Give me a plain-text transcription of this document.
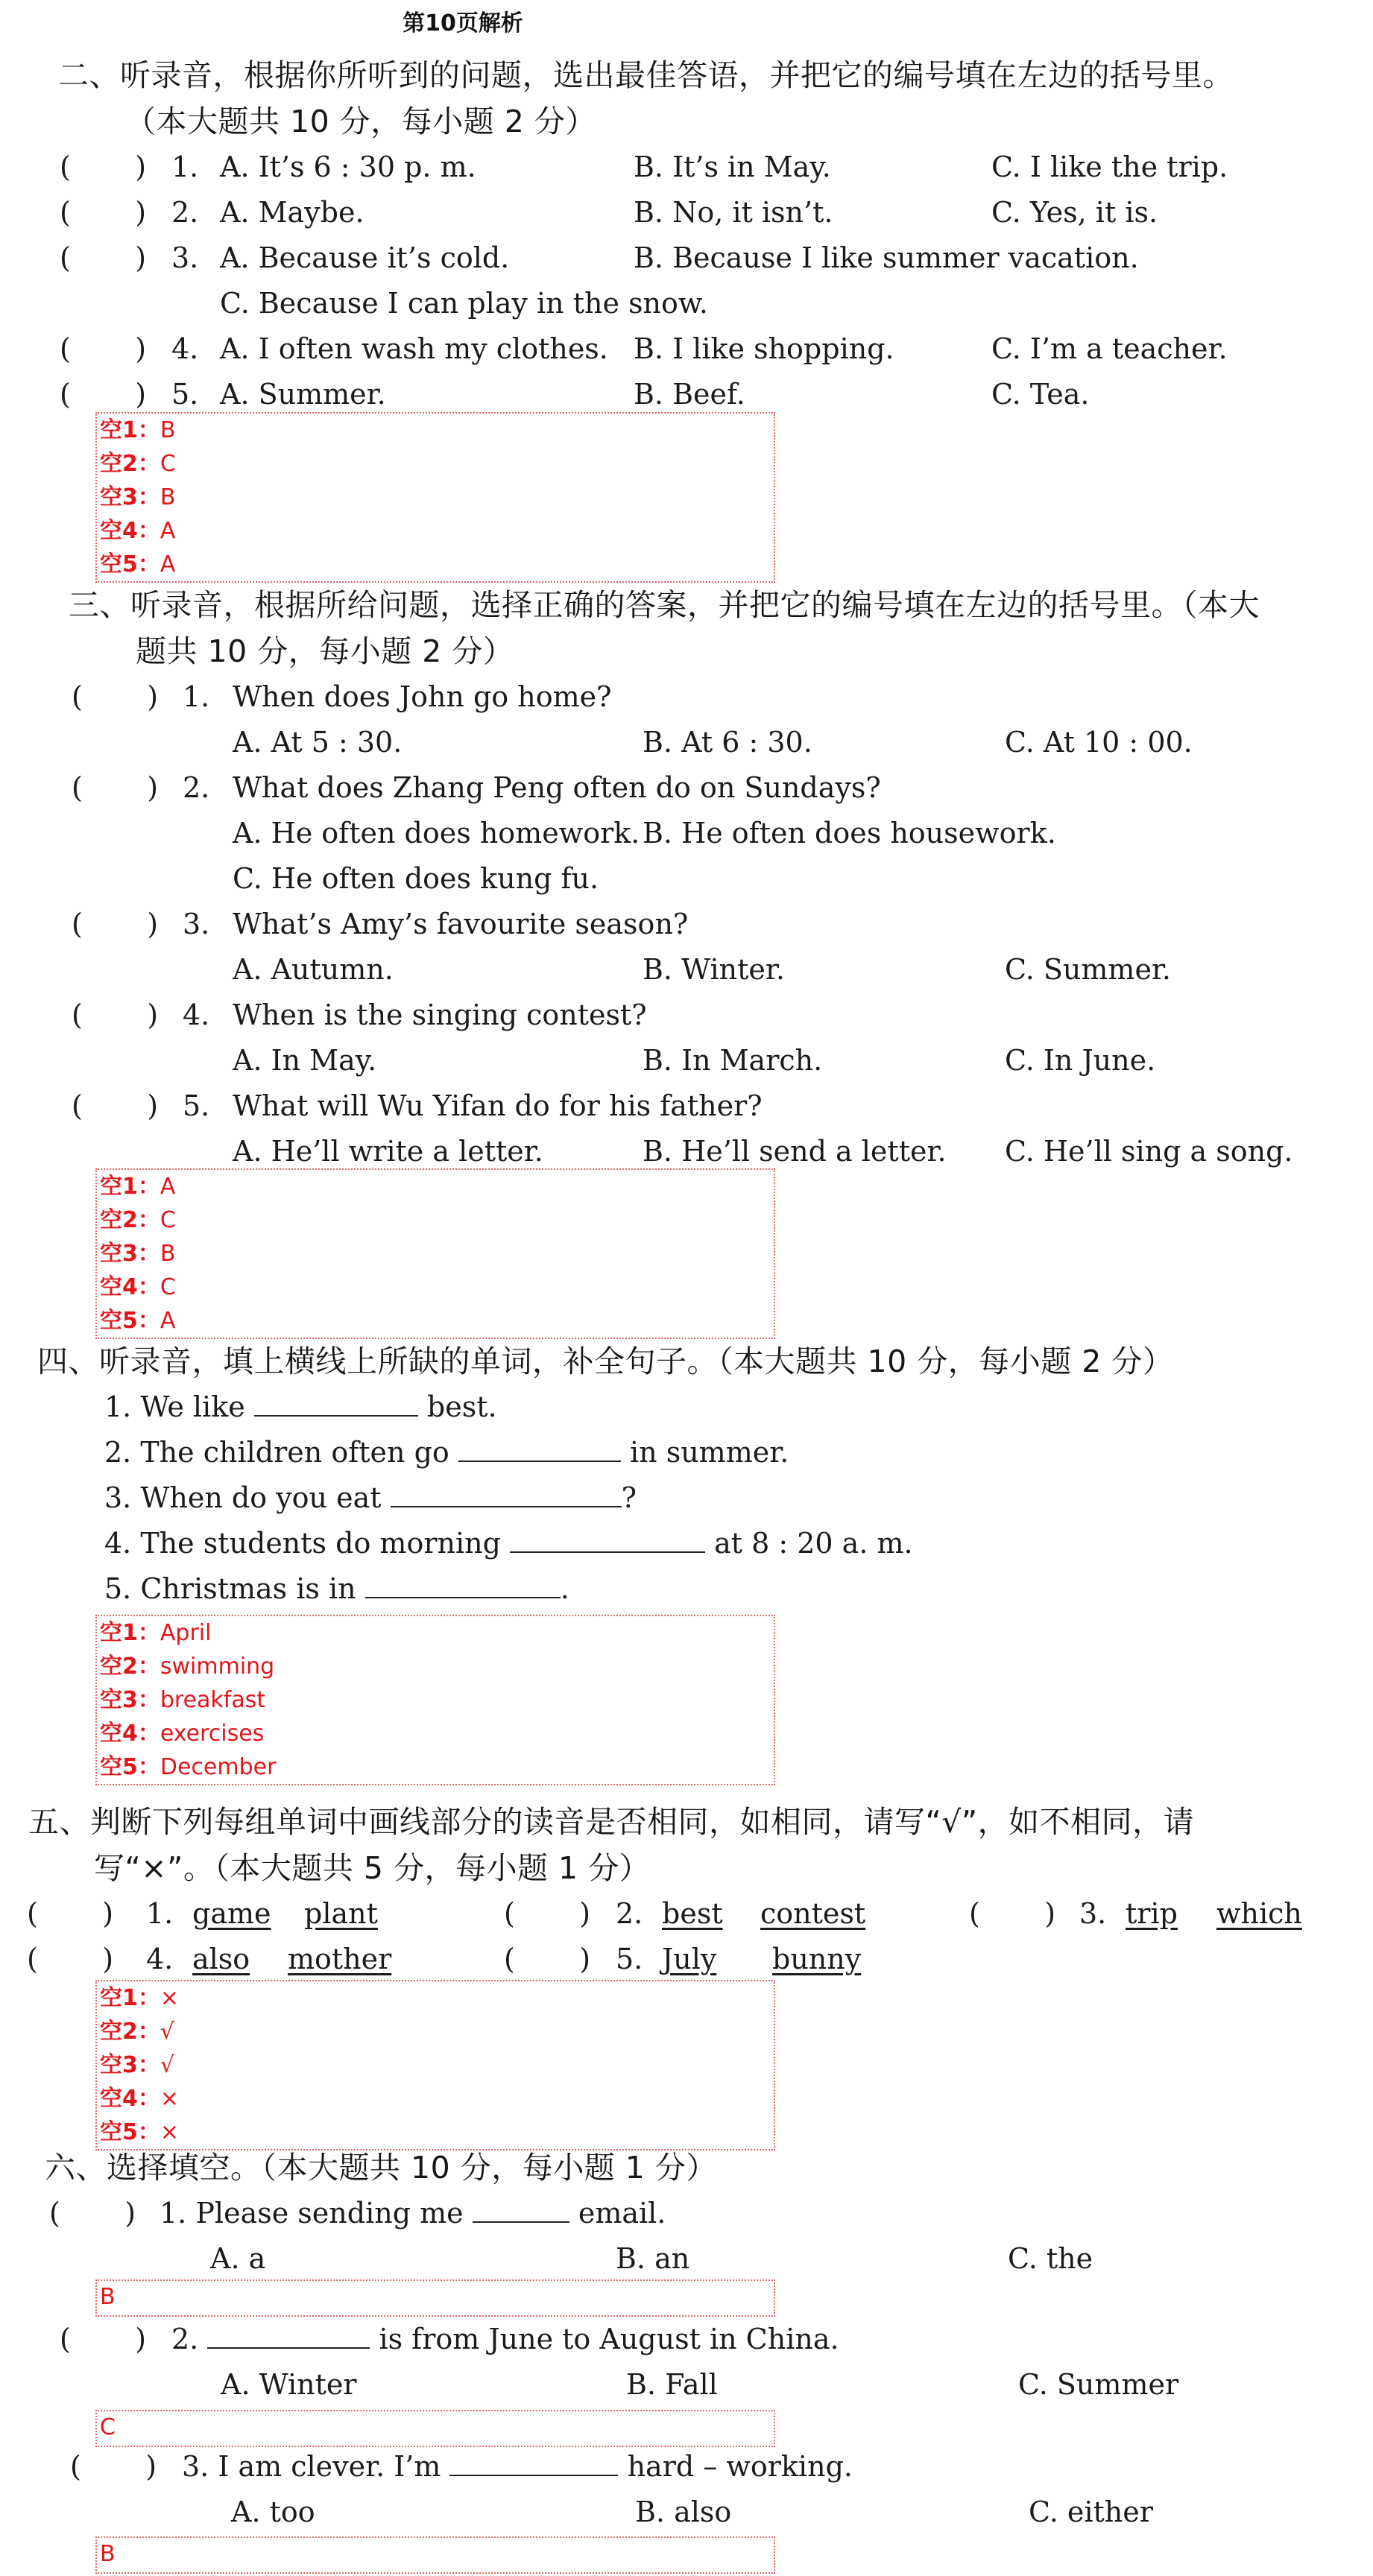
第10页解析
二、听录音，根据你所听到的问题，选出最佳答语，并把它的编号填在左边的括号里。
（本大题共 10 分，每小题 2 分）
(      ) 1. A. It’s 6 : 30 p. m.	B. It’s in May.	C. I like the trip.
(      ) 2. A. Maybe.	B. No, it isn’t.	C. Yes, it is.
(      ) 3. A. Because it’s cold.	B. Because I like summer vacation.
C. Because I can play in the snow.
(      ) 4. A. I often wash my clothes. B. I like shopping.	C. I’m a teacher.
(      ) 5. A. Summer.	B. Beef.	C. Tea.
空1：B
空2：C
空3：B
空4：A
空5：A
三、听录音，根据所给问题，选择正确的答案，并把它的编号填在左边的括号里。（本大
题共 10 分，每小题 2 分）
(      ) 1. When does John go home?
A. At 5 : 30.	B. At 6 : 30.	C. At 10 : 00.
(      ) 2. What does Zhang Peng often do on Sundays?
A. He often does homework. B. He often does housework.
C. He often does kung fu.
(      ) 3. What’s Amy’s favourite season?
A. Autumn.	B. Winter.	C. Summer.
(      ) 4. When is the singing contest?
A. In May.	B. In March.	C. In June.
(      ) 5. What will Wu Yifan do for his father?
A. He’ll write a letter.	B. He’ll send a letter. C. He’ll sing a song.
空1：A
空2：C
空3：B
空4：C
空5：A
四、听录音，填上横线上所缺的单词，补全句子。（本大题共 10 分，每小题 2 分）
1. We like	best.
2. The children often go	in summer.
3. When do you eat	?
4. The students do morning	at 8 : 20 a. m.
5. Christmas is in	.
空1：April
空2：swimming
空3：breakfast
空4：exercises
空5：December
五、判断下列每组单词中画线部分的读音是否相同，如相同，请写“√”，如不相同，请
写“×”。（本大题共 5 分，每小题 1 分）
(      ) 1. game plant	(      ) 2. best contest	(      ) 3. trip which
(      ) 4. also mother	(      ) 5. July bunny
空1：×
空2：√
空3：√
空4：×
空5：×
六、选择填空。（本大题共 10 分，每小题 1 分）
(      ) 1. Please sending me	email.
A. a	B. an	C. the
B
(      ) 2.	is from June to August in China.
A. Winter	B. Fall	C. Summer
C
(      ) 3. I am clever. I’m	hard – working.
A. too	B. also	C. either
B
